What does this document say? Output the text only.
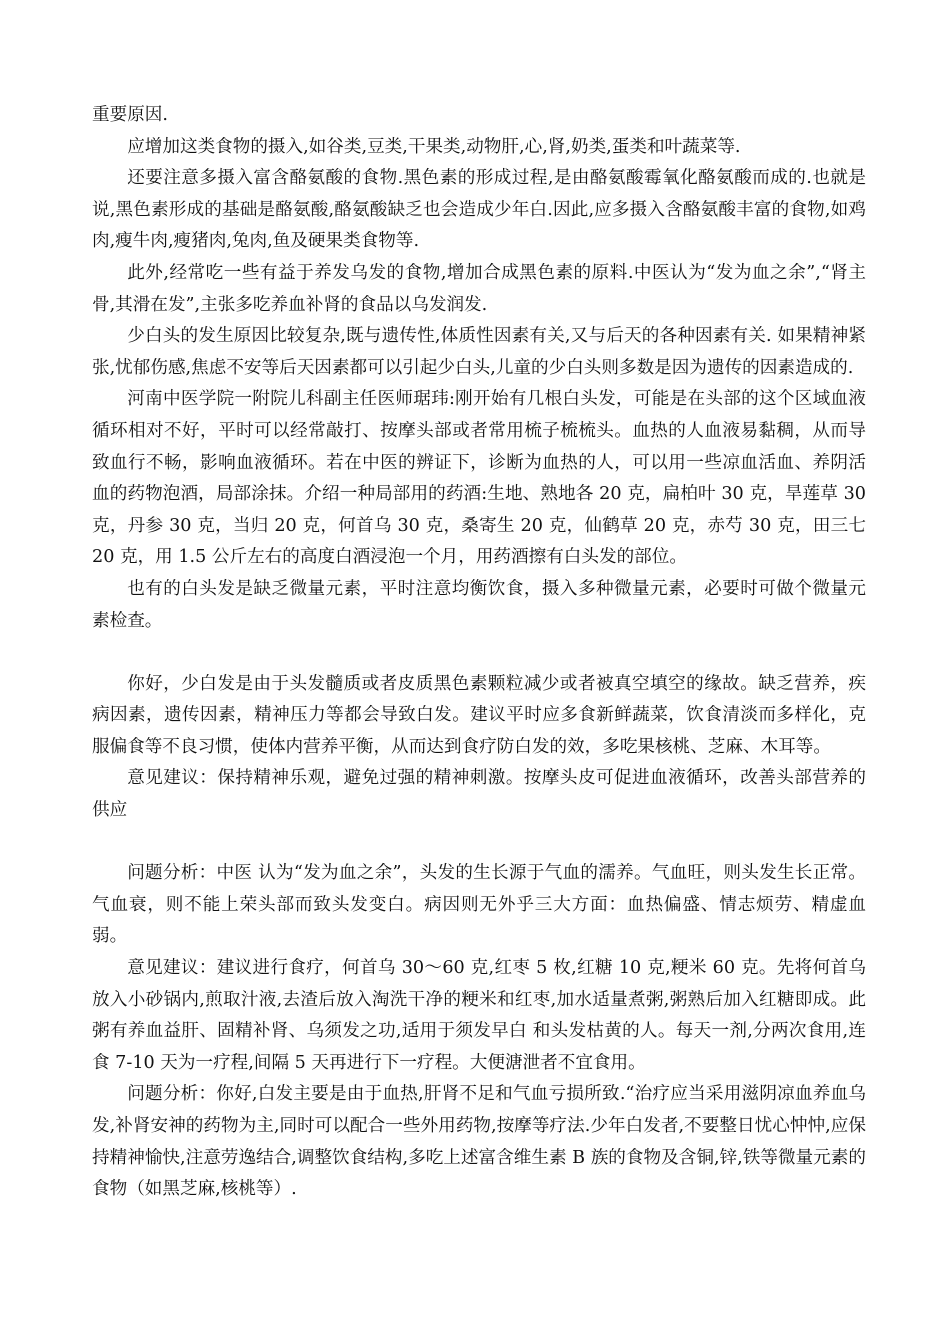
重要原因.

应增加这类食物的摄入,如谷类,豆类,干果类,动物肝,心,肾,奶类,蛋类和叶蔬菜等.

还要注意多摄入富含酪氨酸的食物.黑色素的形成过程,是由酪氨酸霉氧化酪氨酸而成的.也就是说,黑色素形成的基础是酪氨酸,酪氨酸缺乏也会造成少年白.因此,应多摄入含酪氨酸丰富的食物,如鸡肉,瘦牛肉,瘦猪肉,兔肉,鱼及硬果类食物等.

此外,经常吃一些有益于养发乌发的食物,增加合成黑色素的原料.中医认为“发为血之余”,“肾主骨,其滑在发”,主张多吃养血补肾的食品以乌发润发.

少白头的发生原因比较复杂,既与遗传性,体质性因素有关,又与后天的各种因素有关. 如果精神紧张,忧郁伤感,焦虑不安等后天因素都可以引起少白头,儿童的少白头则多数是因为遗传的因素造成的.

河南中医学院一附院儿科副主任医师琚玮:刚开始有几根白头发，可能是在头部的这个区域血液循环相对不好，平时可以经常敲打、按摩头部或者常用梳子梳梳头。血热的人血液易黏稠，从而导致血行不畅，影响血液循环。若在中医的辨证下，诊断为血热的人，可以用一些凉血活血、养阴活血的药物泡酒，局部涂抹。介绍一种局部用的药酒:生地、熟地各 20 克，扁柏叶 30 克，旱莲草 30 克，丹参 30 克，当归 20 克，何首乌 30 克，桑寄生 20 克，仙鹤草 20 克，赤芍 30 克，田三七 20 克，用 1.5 公斤左右的高度白酒浸泡一个月，用药酒擦有白头发的部位。

也有的白头发是缺乏微量元素，平时注意均衡饮食，摄入多种微量元素，必要时可做个微量元素检查。

你好，少白发是由于头发髓质或者皮质黑色素颗粒减少或者被真空填空的缘故。缺乏营养，疾病因素，遗传因素，精神压力等都会导致白发。建议平时应多食新鲜蔬菜，饮食清淡而多样化，克服偏食等不良习惯，使体内营养平衡，从而达到食疗防白发的效，多吃果核桃、芝麻、木耳等。

意见建议：保持精神乐观，避免过强的精神刺激。按摩头皮可促进血液循环，改善头部营养的供应

问题分析：中医 认为“发为血之余”，头发的生长源于气血的濡养。气血旺，则头发生长正常。气血衰，则不能上荣头部而致头发变白。病因则无外乎三大方面：血热偏盛、情志烦劳、精虚血弱。

意见建议：建议进行食疗，何首乌 30～60 克,红枣 5 枚,红糖 10 克,粳米 60 克。先将何首乌放入小砂锅内,煎取汁液,去渣后放入淘洗干净的粳米和红枣,加水适量煮粥,粥熟后加入红糖即成。此粥有养血益肝、固精补肾、乌须发之功,适用于须发早白 和头发枯黄的人。每天一剂,分两次食用,连食 7-10 天为一疗程,间隔 5 天再进行下一疗程。大便溏泄者不宜食用。

问题分析：你好,白发主要是由于血热,肝肾不足和气血亏损所致.“治疗应当采用滋阴凉血养血乌发,补肾安神的药物为主,同时可以配合一些外用药物,按摩等疗法.少年白发者,不要整日忧心忡忡,应保持精神愉快,注意劳逸结合,调整饮食结构,多吃上述富含维生素 B 族的食物及含铜,锌,铁等微量元素的食物（如黑芝麻,核桃等）.
